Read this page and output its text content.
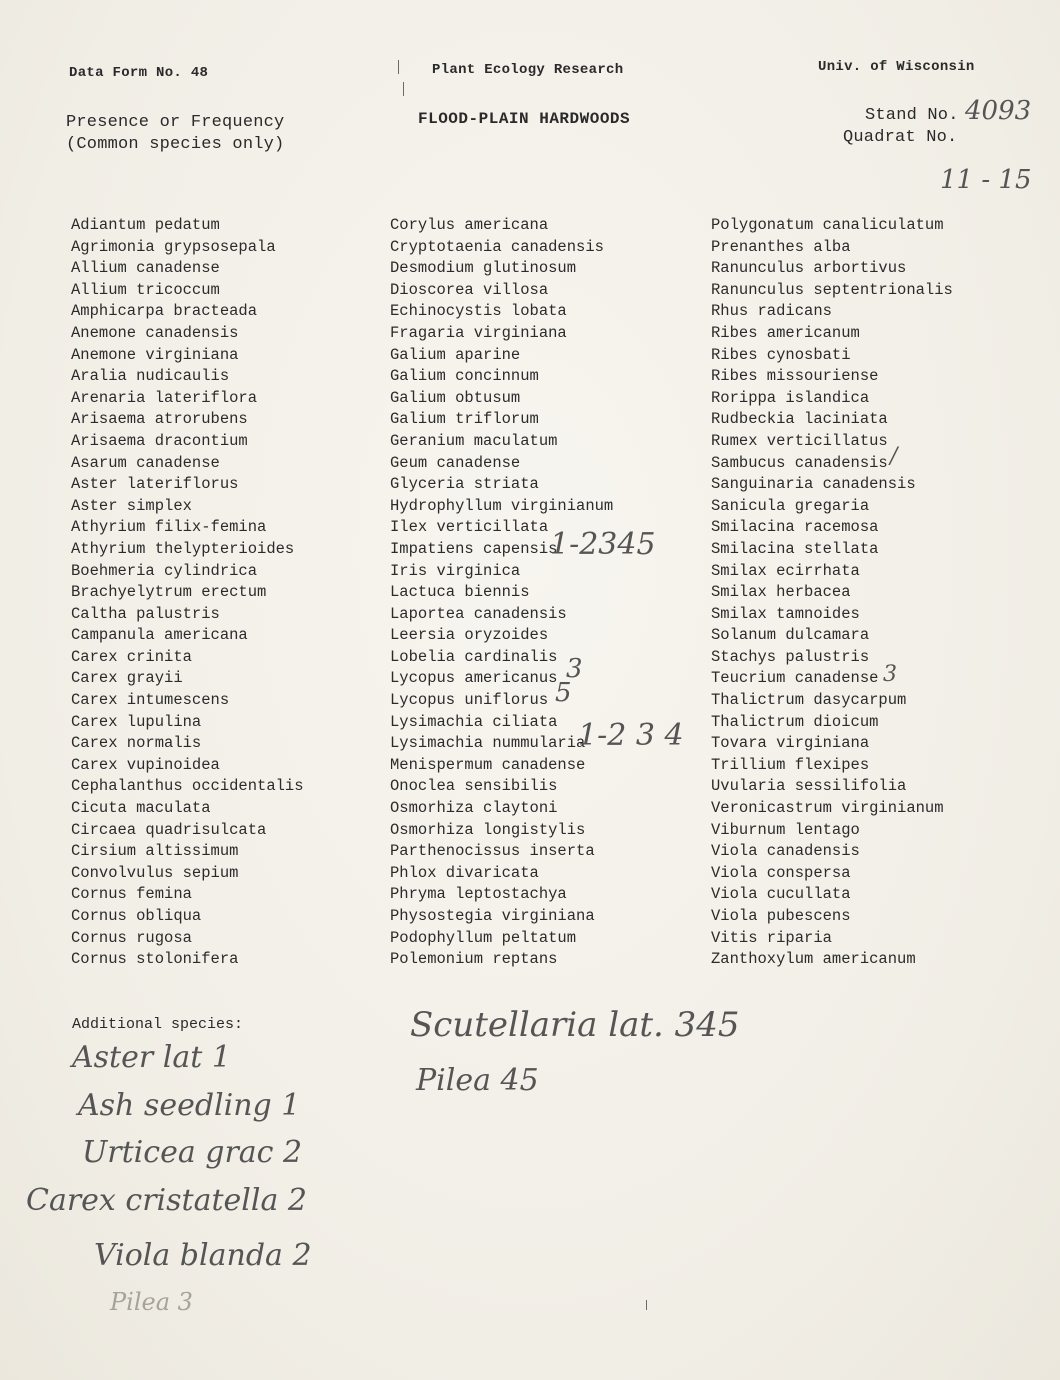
Data Form No. 48	Plant Ecology Research	Univ. of Wisconsin
Presence or Frequency
(Common species only)
FLOOD-PLAIN HARDWOODS	Stand No. 4093
Quadrat No.
11 - 15
Adiantum pedatum
Agrimonia grypsosepala
Allium canadense
Allium tricoccum
Amphicarpa bracteada
Anemone canadensis
Anemone virginiana
Aralia nudicaulis
Arenaria lateriflora
Arisaema atrorubens
Arisaema dracontium
Asarum canadense
Aster lateriflorus
Aster simplex
Athyrium filix-femina
Athyrium thelypterioides
Boehmeria cylindrica
Brachyelytrum erectum
Caltha palustris
Campanula americana
Carex crinita
Carex grayii
Carex intumescens
Carex lupulina
Carex normalis
Carex vupinoidea
Cephalanthus occidentalis
Cicuta maculata
Circaea quadrisulcata
Cirsium altissimum
Convolvulus sepium
Cornus femina
Cornus obliqua
Cornus rugosa
Cornus stolonifera
Corylus americana
Cryptotaenia canadensis
Desmodium glutinosum
Dioscorea villosa
Echinocystis lobata
Fragaria virginiana
Galium aparine
Galium concinnum
Galium obtusum
Galium triflorum
Geranium maculatum
Geum canadense
Glyceria striata
Hydrophyllum virginianum
Ilex verticillata
Impatiens capensis
Iris virginica
Lactuca biennis
Laportea canadensis
Leersia oryzoides
Lobelia cardinalis
Lycopus americanus
Lycopus uniflorus
Lysimachia ciliata
Lysimachia nummularia
Menispermum canadense
Onoclea sensibilis
Osmorhiza claytoni
Osmorhiza longistylis
Parthenocissus inserta
Phlox divaricata
Phryma leptostachya
Physostegia virginiana
Podophyllum peltatum
Polemonium reptans
Polygonatum canaliculatum
Prenanthes alba
Ranunculus arbortivus
Ranunculus septentrionalis
Rhus radicans
Ribes americanum
Ribes cynosbati
Ribes missouriense
Rorippa islandica
Rudbeckia laciniata
Rumex verticillatus
Sambucus canadensis
Sanguinaria canadensis
Sanicula gregaria
Smilacina racemosa
Smilacina stellata
Smilax ecirrhata
Smilax herbacea
Smilax tamnoides
Solanum dulcamara
Stachys palustris
Teucrium canadense
Thalictrum dasycarpum
Thalictrum dioicum
Tovara virginiana
Trillium flexipes
Uvularia sessilifolia
Veronicastrum virginianum
Viburnum lentago
Viola canadensis
Viola conspersa
Viola cucullata
Viola pubescens
Vitis riparia
Zanthoxylum americanum
1-2345
3
5
1-2 3 4
/
3
Additional species:
Aster lat 1
Ash seedling 1
Urticea grac 2
Carex cristatella 2
Viola blanda 2
Pilea 3
Scutellaria lat. 345
Pilea 45
